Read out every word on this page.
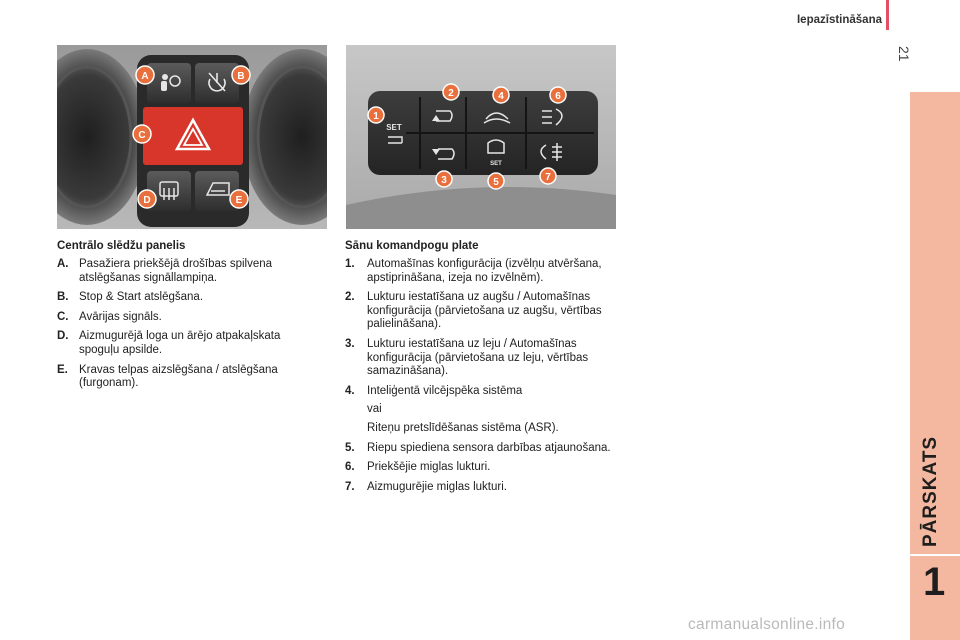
Iepazīstināšana
21
PĀRSKATS
1
A	B
C
D	E
SET
SET
1
2
3
4
5
6
7
Centrālo slēdžu panelis
A. Pasažiera priekšējā drošības spilvena atslēgšanas signāllampiņa.
B. Stop & Start atslēgšana.
C. Avārijas signāls.
D. Aizmugurējā loga un ārējo atpakaļskata spoguļu apsilde.
E. Kravas telpas aizslēgšana / atslēgšana (furgonam).
Sānu komandpogu plate
1. Automašīnas konfigurācija (izvēlņu atvēršana, apstiprināšana, izeja no izvēlnēm).
2. Lukturu iestatīšana uz augšu / Automašīnas konfigurācija (pārvietošana uz augšu, vērtības palielināšana).
3. Lukturu iestatīšana uz leju / Automašīnas konfigurācija (pārvietošana uz leju, vērtības samazināšana).
4. Inteliģentā vilcējspēka sistēma
vai
Riteņu pretslīdēšanas sistēma (ASR).
5. Riepu spiediena sensora darbības atjaunošana.
6. Priekšējie miglas lukturi.
7. Aizmugurējie miglas lukturi.
carmanualsonline.info
